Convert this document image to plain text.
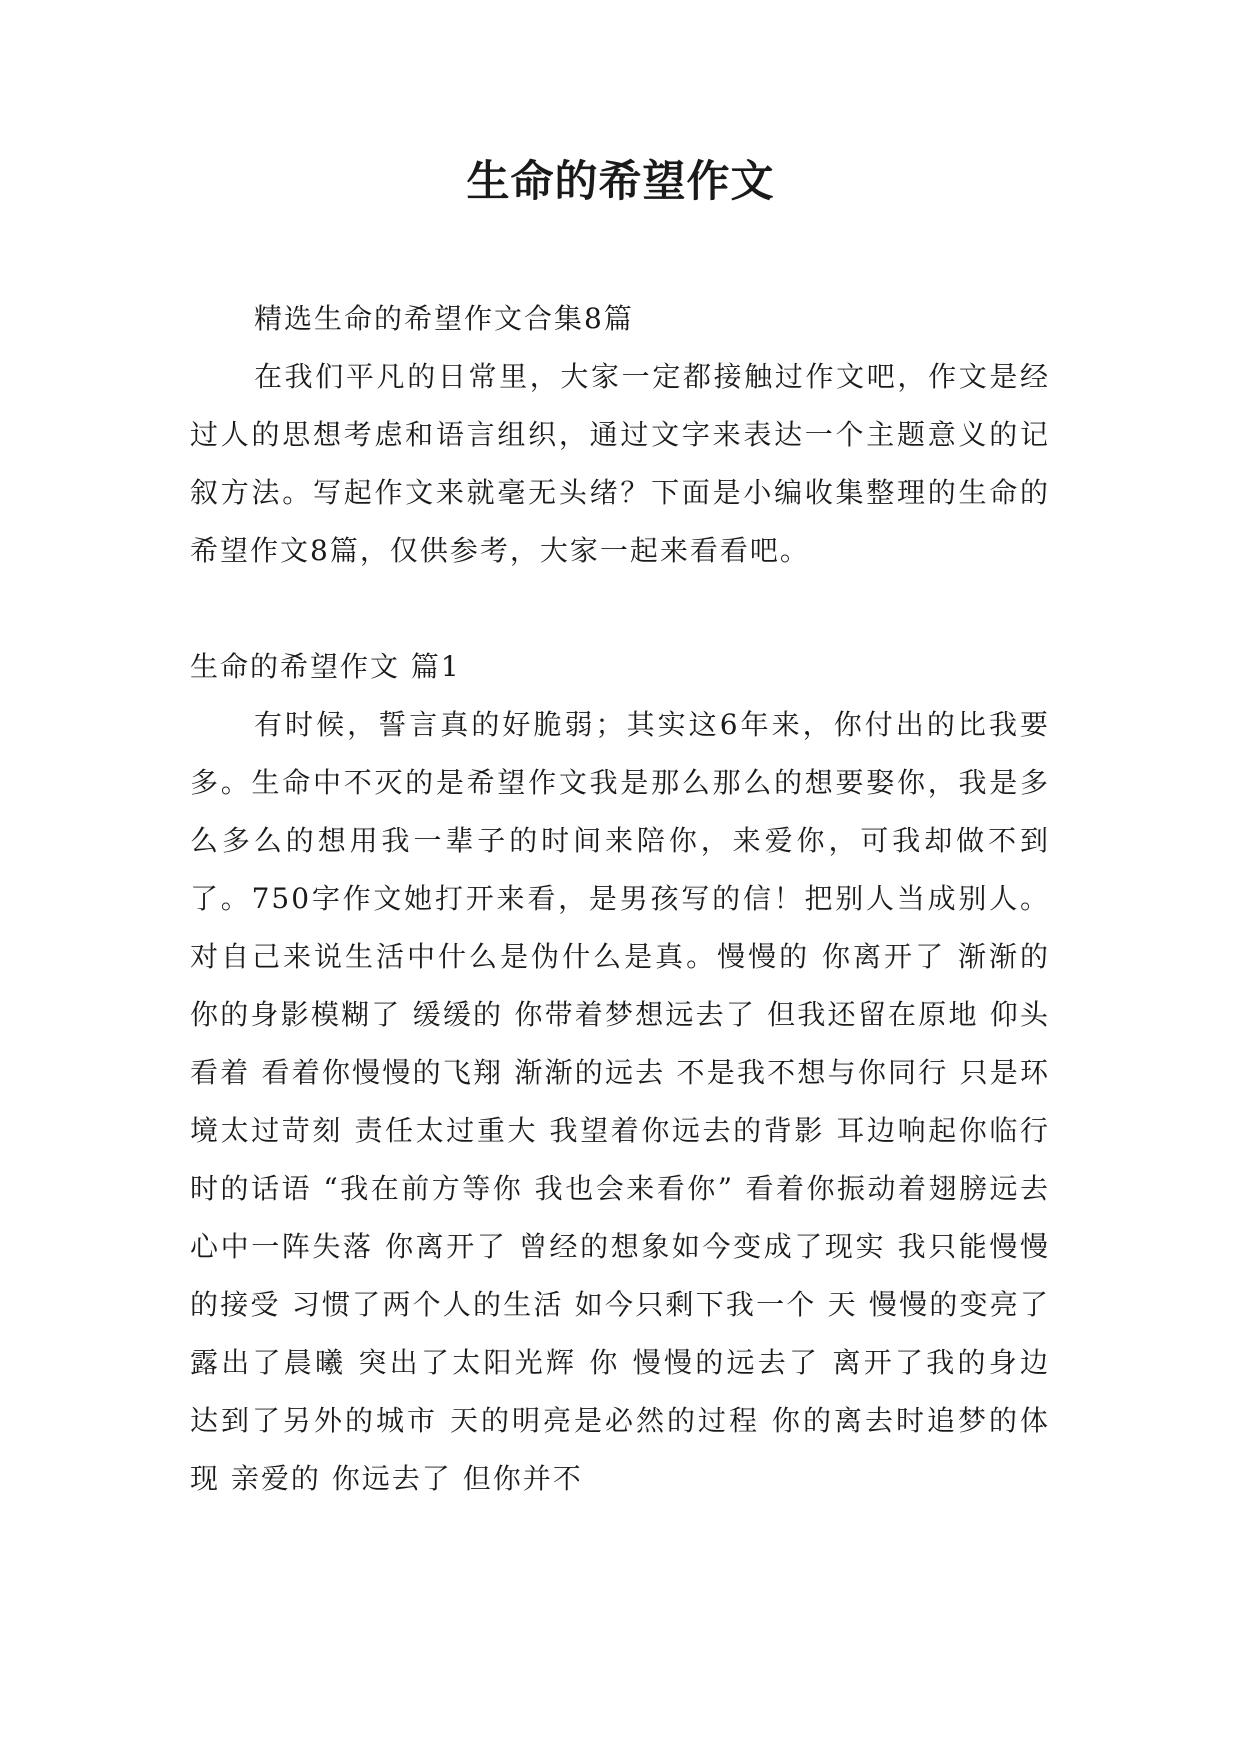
生命的希望作文

精选生命的希望作文合集8篇

在我们平凡的日常里，大家一定都接触过作文吧，作文是经过人的思想考虑和语言组织，通过文字来表达一个主题意义的记叙方法。写起作文来就毫无头绪？下面是小编收集整理的生命的希望作文8篇，仅供参考，大家一起来看看吧。

生命的希望作文 篇1

有时候，誓言真的好脆弱；其实这6年来，你付出的比我要多。生命中不灭的是希望作文我是那么那么的想要娶你，我是多么多么的想用我一辈子的时间来陪你，来爱你，可我却做不到了。750字作文她打开来看，是男孩写的信！把别人当成别人。对自己来说生活中什么是伪什么是真。慢慢的 你离开了 渐渐的 你的身影模糊了 缓缓的 你带着梦想远去了 但我还留在原地 仰头看着 看着你慢慢的飞翔 渐渐的远去 不是我不想与你同行 只是环境太过苛刻 责任太过重大 我望着你远去的背影 耳边响起你临行时的话语 “我在前方等你 我也会来看你” 看着你振动着翅膀远去 心中一阵失落 你离开了 曾经的想象如今变成了现实 我只能慢慢的接受 习惯了两个人的生活 如今只剩下我一个 天 慢慢的变亮了 露出了晨曦 突出了太阳光辉 你 慢慢的远去了 离开了我的身边 达到了另外的城市 天的明亮是必然的过程 你的离去时追梦的体现 亲爱的 你远去了 但你并不
